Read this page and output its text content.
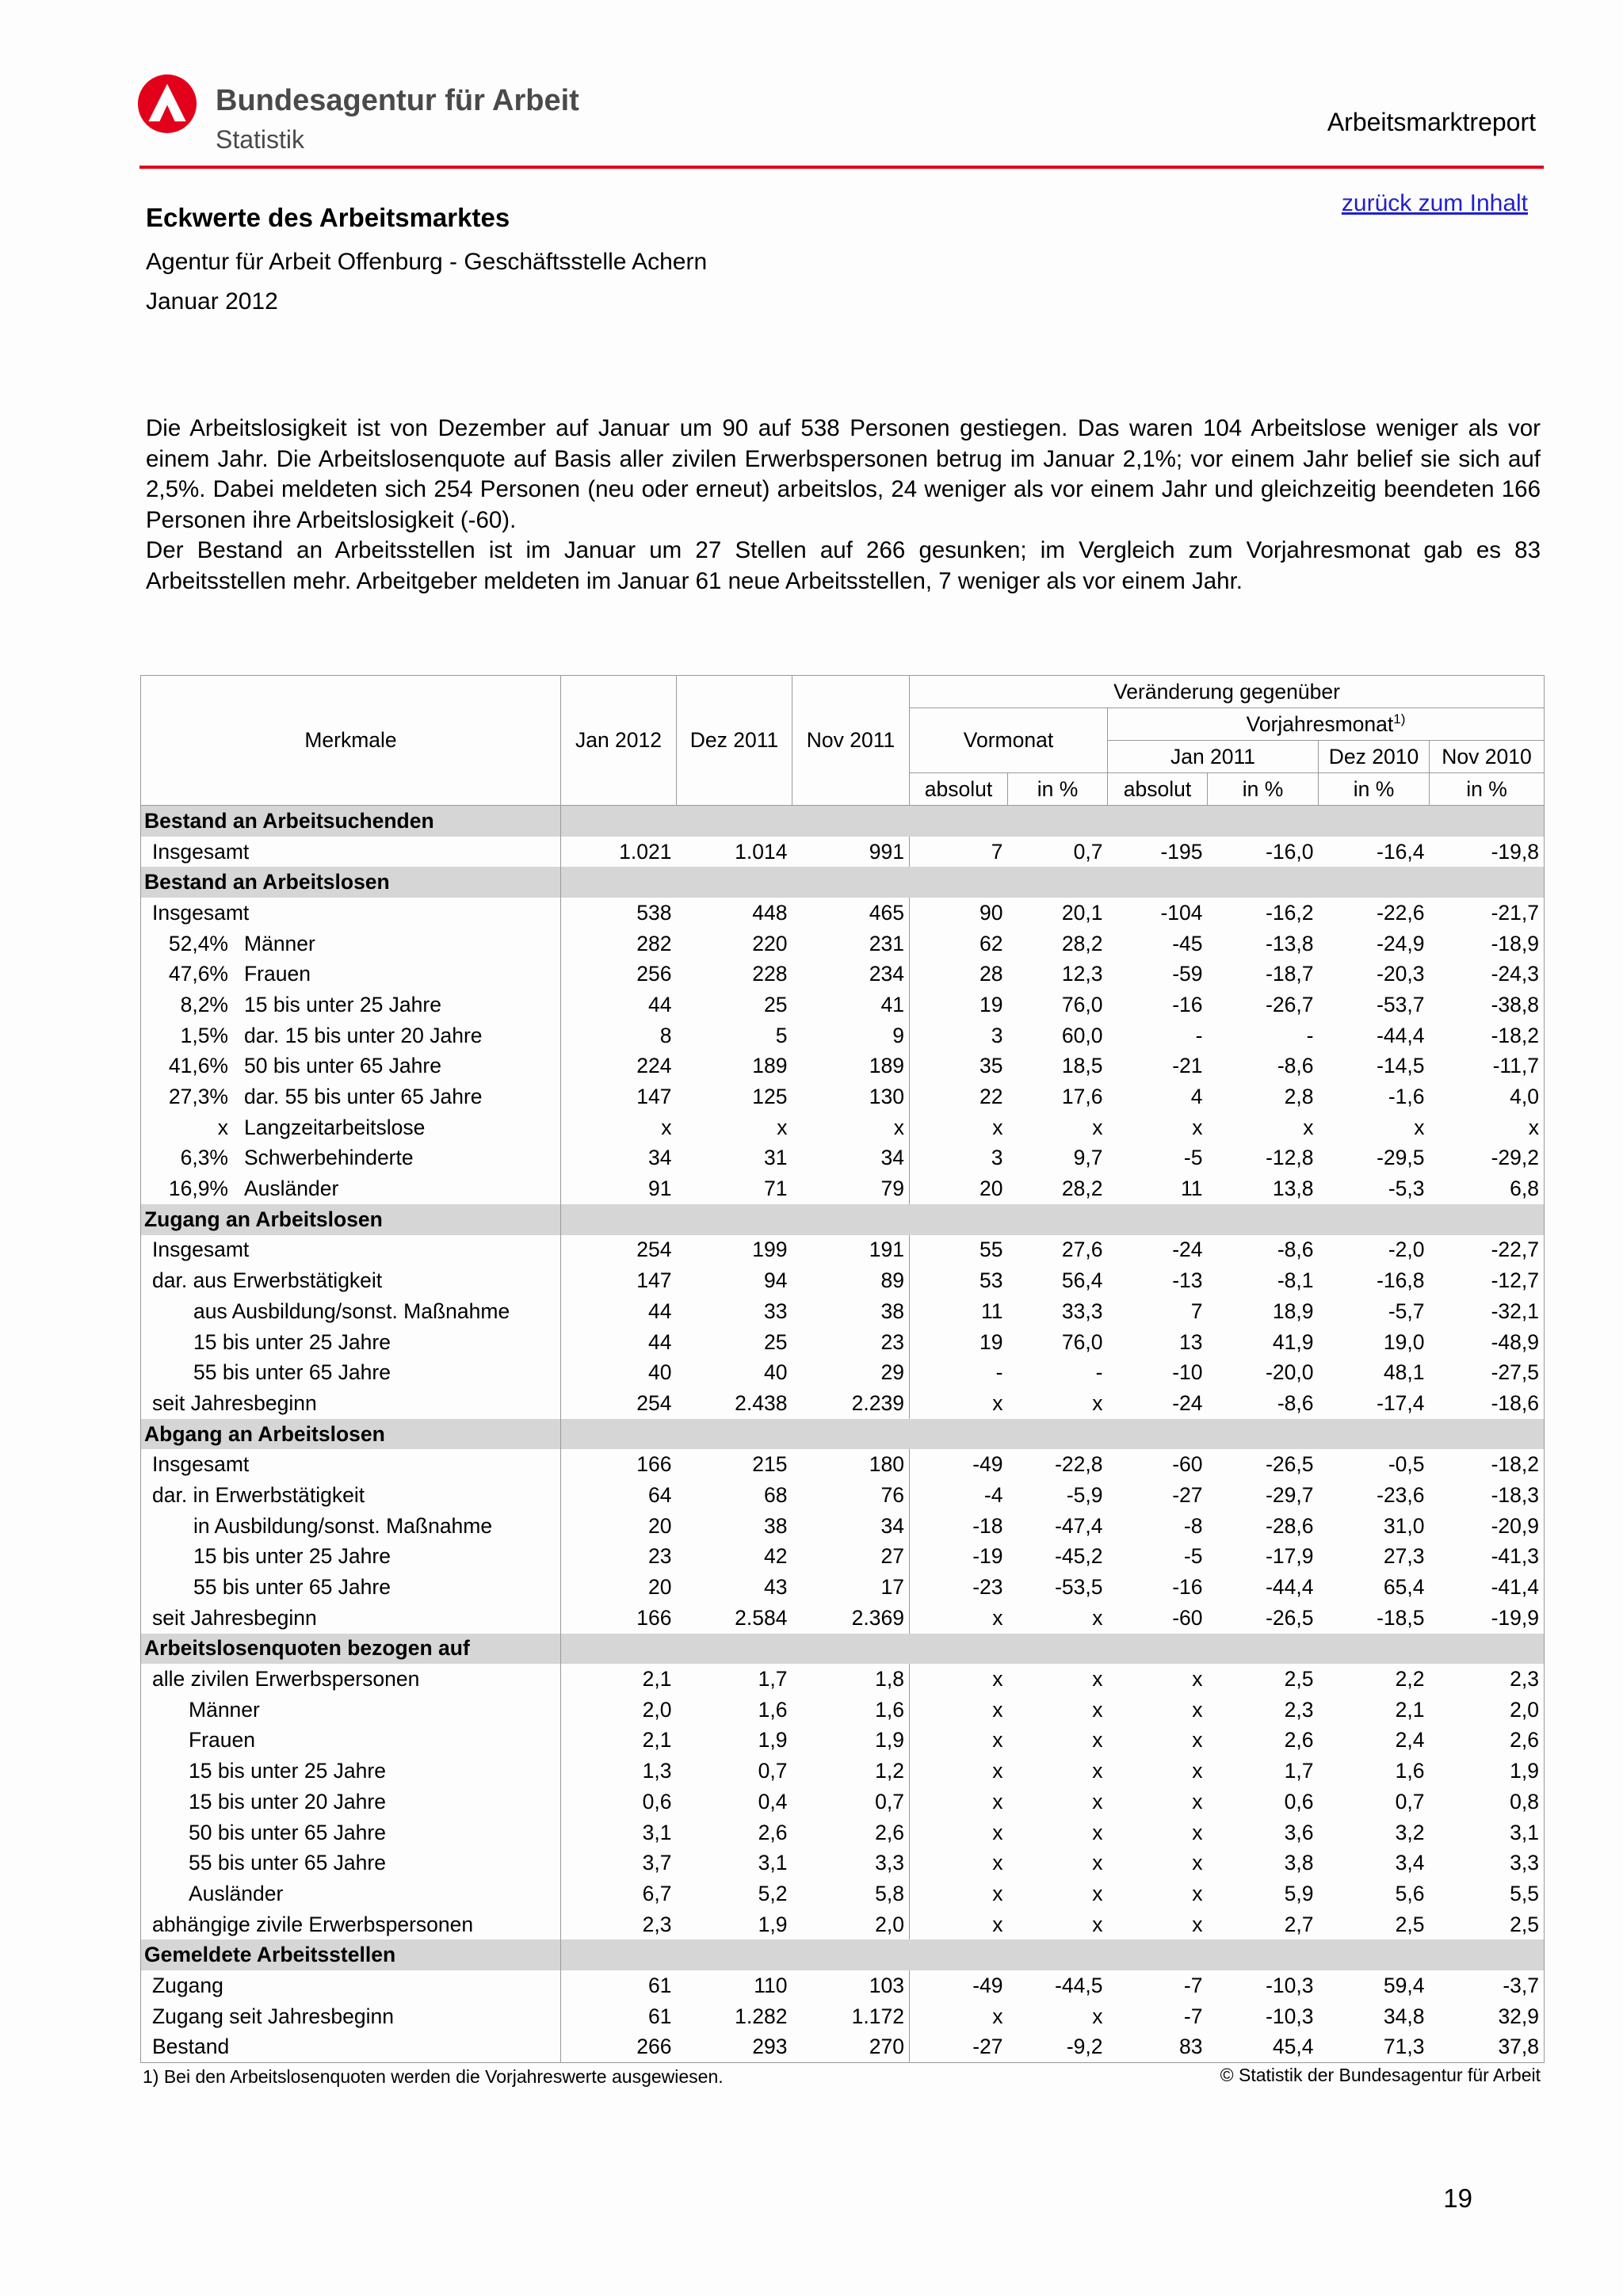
Bundesagentur für Arbeit
Statistik
Arbeitsmarktreport
zurück zum Inhalt
Eckwerte des Arbeitsmarktes
Agentur für Arbeit Offenburg - Geschäftsstelle Achern
Januar 2012

Die Arbeitslosigkeit ist von Dezember auf Januar um 90 auf 538 Personen gestiegen. Das waren 104 Arbeitslose weniger als vor einem Jahr. Die Arbeitslosenquote auf Basis aller zivilen Erwerbspersonen betrug im Januar 2,1%; vor einem Jahr belief sie sich auf 2,5%. Dabei meldeten sich 254 Personen (neu oder erneut) arbeitslos, 24 weniger als vor einem Jahr und gleichzeitig beendeten 166 Personen ihre Arbeitslosigkeit (-60).

Der Bestand an Arbeitsstellen ist im Januar um 27 Stellen auf 266 gesunken; im Vergleich zum Vorjahresmonat gab es 83 Arbeitsstellen mehr. Arbeitgeber meldeten im Januar 61 neue Arbeitsstellen, 7 weniger als vor einem Jahr.

Merkmale	Jan 2012	Dez 2011	Nov 2011	Veränderung gegenüber					
				Vormonat		Vorjahresmonat$^{1)}$
						Jan 2011		Dez 2010	Nov 2010
				absolut	in %	absolut	in %	in %	in %
Bestand an Arbeitsuchenden									
Insgesamt	1.021	1.014	991	7	0,7	-195	-16,0	-16,4	-19,8
Bestand an Arbeitslosen									
Insgesamt	538	448	465	90	20,1	-104	-16,2	-22,6	-21,7
52,4% Männer	282	220	231	62	28,2	-45	-13,8	-24,9	-18,9
47,6% Frauen	256	228	234	28	12,3	-59	-18,7	-20,3	-24,3
8,2% 15 bis unter 25 Jahre	44	25	41	19	76,0	-16	-26,7	-53,7	-38,8
1,5% dar. 15 bis unter 20 Jahre	8	5	9	3	60,0	-	-	-44,4	-18,2
41,6% 50 bis unter 65 Jahre	224	189	189	35	18,5	-21	-8,6	-14,5	-11,7
27,3% dar. 55 bis unter 65 Jahre	147	125	130	22	17,6	4	2,8	-1,6	4,0
x Langzeitarbeitslose	x	x	x	x	x	x	x	x	x
6,3% Schwerbehinderte	34	31	34	3	9,7	-5	-12,8	-29,5	-29,2
16,9% Ausländer	91	71	79	20	28,2	11	13,8	-5,3	6,8
Zugang an Arbeitslosen									
Insgesamt	254	199	191	55	27,6	-24	-8,6	-2,0	-22,7
dar. aus Erwerbstätigkeit	147	94	89	53	56,4	-13	-8,1	-16,8	-12,7
aus Ausbildung/sonst. Maßnahme	44	33	38	11	33,3	7	18,9	-5,7	-32,1
15 bis unter 25 Jahre	44	25	23	19	76,0	13	41,9	19,0	-48,9
55 bis unter 65 Jahre	40	40	29	-	-	-10	-20,0	48,1	-27,5
seit Jahresbeginn	254	2.438	2.239	x	x	-24	-8,6	-17,4	-18,6
Abgang an Arbeitslosen									
Insgesamt	166	215	180	-49	-22,8	-60	-26,5	-0,5	-18,2
dar. in Erwerbstätigkeit	64	68	76	-4	-5,9	-27	-29,7	-23,6	-18,3
in Ausbildung/sonst. Maßnahme	20	38	34	-18	-47,4	-8	-28,6	31,0	-20,9
15 bis unter 25 Jahre	23	42	27	-19	-45,2	-5	-17,9	27,3	-41,3
55 bis unter 65 Jahre	20	43	17	-23	-53,5	-16	-44,4	65,4	-41,4
seit Jahresbeginn	166	2.584	2.369	x	x	-60	-26,5	-18,5	-19,9
Arbeitslosenquoten bezogen auf									
alle zivilen Erwerbspersonen	2,1	1,7	1,8	x	x	x	2,5	2,2	2,3
Männer	2,0	1,6	1,6	x	x	x	2,3	2,1	2,0
Frauen	2,1	1,9	1,9	x	x	x	2,6	2,4	2,6
15 bis unter 25 Jahre	1,3	0,7	1,2	x	x	x	1,7	1,6	1,9
15 bis unter 20 Jahre	0,6	0,4	0,7	x	x	x	0,6	0,7	0,8
50 bis unter 65 Jahre	3,1	2,6	2,6	x	x	x	3,6	3,2	3,1
55 bis unter 65 Jahre	3,7	3,1	3,3	x	x	x	3,8	3,4	3,3
Ausländer	6,7	5,2	5,8	x	x	x	5,9	5,6	5,5
abhängige zivile Erwerbspersonen	2,3	1,9	2,0	x	x	x	2,7	2,5	2,5
Gemeldete Arbeitsstellen									
Zugang	61	110	103	-49	-44,5	-7	-10,3	59,4	-3,7
Zugang seit Jahresbeginn	61	1.282	1.172	x	x	-7	-10,3	34,8	32,9
Bestand	266	293	270	-27	-9,2	83	45,4	71,3	37,8
1) Bei den Arbeitslosenquoten werden die Vorjahreswerte ausgewiesen.	© Statistik der Bundesagentur für Arbeit
19
